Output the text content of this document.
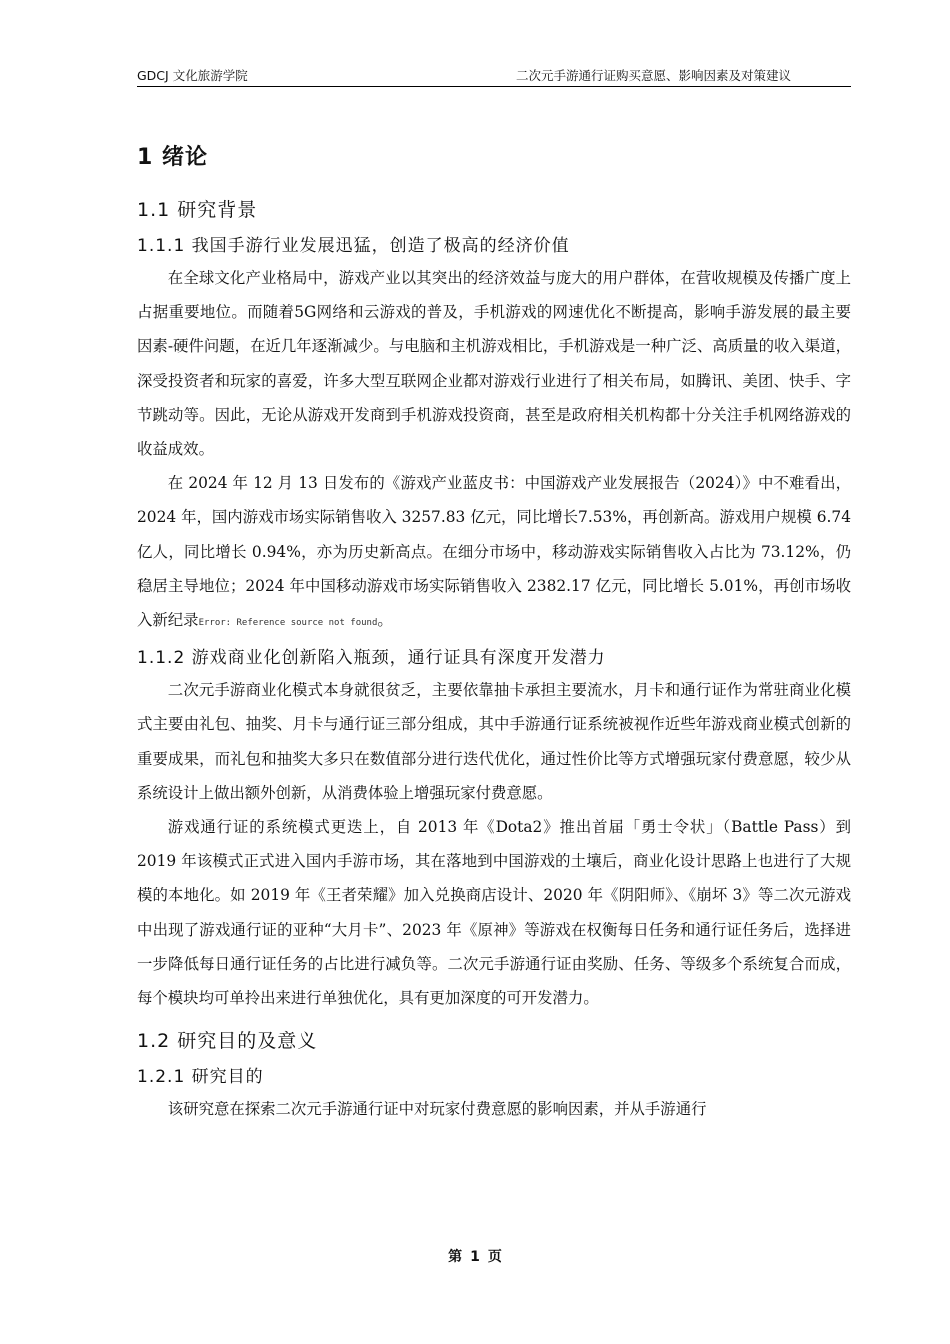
GDCJ 文化旅游学院	二次元手游通行证购买意愿、影响因素及对策建议
1 绪论
1.1 研究背景
1.1.1 我国手游行业发展迅猛，创造了极高的经济价值

在全球文化产业格局中，游戏产业以其突出的经济效益与庞大的用户群体，在营收规模及传播广度上占据重要地位。而随着5G网络和云游戏的普及，手机游戏的网速优化不断提高，影响手游发展的最主要因素-硬件问题，在近几年逐渐减少。与电脑和主机游戏相比，手机游戏是一种广泛、高质量的收入渠道，深受投资者和玩家的喜爱，许多大型互联网企业都对游戏行业进行了相关布局，如腾讯、美团、快手、字节跳动等。因此，无论从游戏开发商到手机游戏投资商，甚至是政府相关机构都十分关注手机网络游戏的收益成效。

在 2024 年 12 月 13 日发布的《游戏产业蓝皮书：中国游戏产业发展报告（2024）》中不难看出，2024 年，国内游戏市场实际销售收入 3257.83 亿元，同比增长7.53%，再创新高。游戏用户规模 6.74 亿人，同比增长 0.94%，亦为历史新高点。在细分市场中，移动游戏实际销售收入占比为 73.12%，仍稳居主导地位；2024 年中国移动游戏市场实际销售收入 2382.17 亿元，同比增长 5.01%，再创市场收入新纪录Error: Reference source not found。

1.1.2 游戏商业化创新陷入瓶颈，通行证具有深度开发潜力

二次元手游商业化模式本身就很贫乏，主要依靠抽卡承担主要流水，月卡和通行证作为常驻商业化模式主要由礼包、抽奖、月卡与通行证三部分组成，其中手游通行证系统被视作近些年游戏商业模式创新的重要成果，而礼包和抽奖大多只在数值部分进行迭代优化，通过性价比等方式增强玩家付费意愿，较少从系统设计上做出额外创新，从消费体验上增强玩家付费意愿。

游戏通行证的系统模式更迭上，自 2013 年《Dota2》推出首届「勇士令状」（Battle Pass）到 2019 年该模式正式进入国内手游市场，其在落地到中国游戏的土壤后，商业化设计思路上也进行了大规模的本地化。如 2019 年《王者荣耀》加入兑换商店设计、2020 年《阴阳师》、《崩坏 3》等二次元游戏中出现了游戏通行证的亚种“大月卡”、2023 年《原神》等游戏在权衡每日任务和通行证任务后，选择进一步降低每日通行证任务的占比进行减负等。二次元手游通行证由奖励、任务、等级多个系统复合而成，每个模块均可单拎出来进行单独优化，具有更加深度的可开发潜力。

1.2 研究目的及意义
1.2.1 研究目的

该研究意在探索二次元手游通行证中对玩家付费意愿的影响因素，并从手游通行

第 1 页
